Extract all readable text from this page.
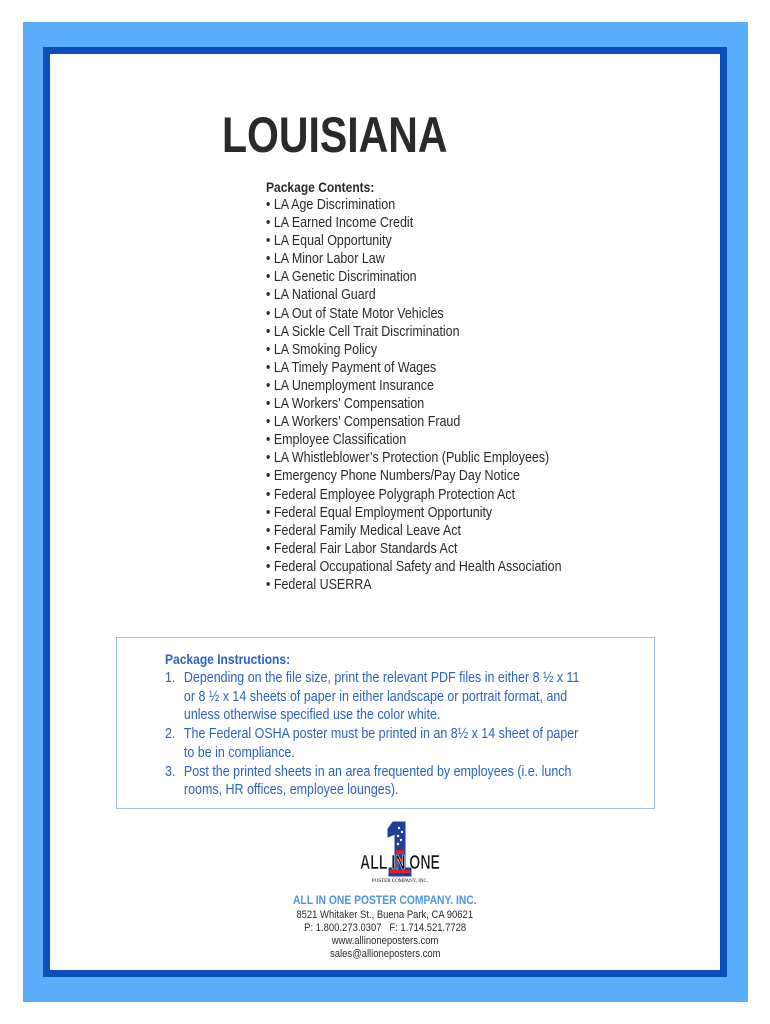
LOUISIANA
Package Contents:
• LA Age Discrimination
• LA Earned Income Credit
• LA Equal Opportunity
• LA Minor Labor Law
• LA Genetic Discrimination
• LA National Guard
• LA Out of State Motor Vehicles
• LA Sickle Cell Trait Discrimination
• LA Smoking Policy
• LA Timely Payment of Wages
• LA Unemployment Insurance
• LA Workers’ Compensation
• LA Workers’ Compensation Fraud
• Employee Classification
• LA Whistleblower’s Protection (Public Employees)
• Emergency Phone Numbers/Pay Day Notice
• Federal Employee Polygraph Protection Act
• Federal Equal Employment Opportunity
• Federal Family Medical Leave Act
• Federal Fair Labor Standards Act
• Federal Occupational Safety and Health Association
• Federal USERRA
Package Instructions:
1. Depending on the file size, print the relevant PDF files in either 8 ½ x 11
or 8 ½ x 14 sheets of paper in either landscape or portrait format, and
unless otherwise specified use the color white.
2. The Federal OSHA poster must be printed in an 8½ x 14 sheet of paper
to be in compliance.
3. Post the printed sheets in an area frequented by employees (i.e. lunch
rooms, HR offices, employee lounges).
ALL IN ONE
POSTER COMPANY, INC.
ALL IN ONE POSTER COMPANY. INC.
8521 Whitaker St., Buena Park, CA 90621
P: 1.800.273.0307   F: 1.714.521.7728
www.allinoneposters.com
sales@allioneposters.com
